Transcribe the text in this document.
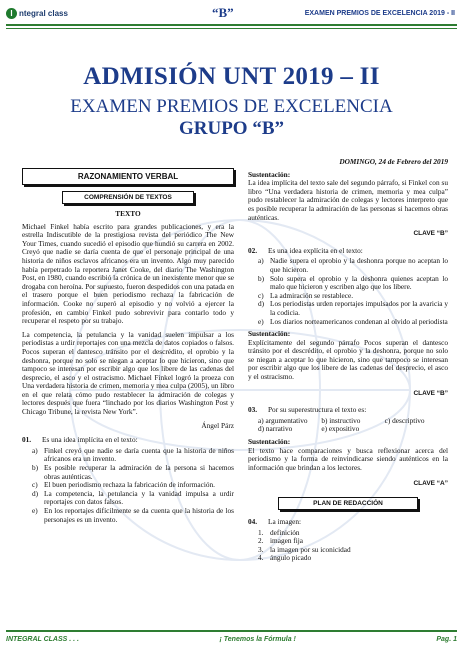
I ntegral class	“B”	EXAMEN PREMIOS DE EXCELENCIA 2019 - II
ADMISIÓN UNT 2019 – II
EXAMEN PREMIOS DE EXCELENCIA
GRUPO “B”
RAZONAMIENTO VERBAL
COMPRENSIÓN DE TEXTOS
TEXTO

Michael Finkel había escrito para grandes publicaciones, y era la estrella Indiscutible de la prestigiosa revista del periódico The New Your Times, cuando sucedió el episodio que hundió su carrera en 2002. Creyó que nadie se daría cuenta de que el personaje principal de una historia de niños esclavos africanos era un invento. Algo muy parecido había perpetrado la reportera Janet Cooke, del diario The Washington Post, en 1980, cuando escribió la crónica de un inexistente menor que se drogaba con heroína. Por supuesto, fueron despedidos con una patada en el trasero porque el buen periodismo rechaza la fabricación de información. Cooke no superó al episodio y no volvió a ejercer la profesión, en cambio Finkel pudo sobrevivir para contarlo todo y recuperar el respeto por su trabajo.

La competencia, la petulancia y la vanidad suelen impulsar a los periodistas a urdir reportajes con una mezcla de datos copiados o falsos. Pocos superan el dantesco tránsito por el descrédito, el oprobio y la deshonra, porque no solo se niegan a aceptar lo que hicieron, sino que tampoco se interesan por escribir algo que los libere de las cadenas del desprecio, el asco y el ostracismo. Michael Finkel logró la proeza con Una verdadera historia de crimen, memoria y mea culpa (2005), un libro en el que relata cómo pudo restablecer la admiración de colegas y lectores después que fuera “linchado por los diarios Washington Post y Chicago Tribune, la revista New York”.

Ángel Párz
01.	Es una idea implícita en el texto:
a) Finkel creyó que nadie se daría cuenta que la historia de niños africanos era un invento.
b) Es posible recuperar la admiración de la persona si hacemos obras auténticas.
c) El buen periodismo rechaza la fabricación de información.
d) La competencia, la petulancia y la vanidad impulsa a urdir reportajes con datos falsos.
e) En los reportajes difícilmente se da cuenta que la historia de los personajes es un invento.
DOMINGO, 24 de Febrero del 2019
Sustentación:

La idea implícita del texto sale del segundo párrafo, si Finkel con su libro “Una verdadera historia de crimen, memoria y mea culpa” pudo restablecer la admiración de colegas y lectores interpreto que es posible recuperar la admiración de las personas si hacemos obras auténticas.

CLAVE “B”
02.	Es una idea explícita en el texto:
a) Nadie supera el oprobio y la deshonra porque no aceptan lo que hicieron.
b) Solo supera el oprobio y la deshonra quienes aceptan lo malo que hicieron y escriben algo que los libere.
c) La admiración se restablece.
d) Los periodistas urden reportajes impulsados por la avaricia y la codicia.
e) Los diarios norteamericanos condenan al olvido al periodista
Sustentación:

Explícitamente del segundo párrafo Pocos superan el dantesco tránsito por el descrédito, el oprobio y la deshonra, porque no solo se niegan a aceptar lo que hicieron, sino que tampoco se interesan por escribir algo que los libere de las cadenas del desprecio, el asco y el ostracismo.

CLAVE “B”
03.	Por su superestructura el texto es:
a) argumentativo	b) instructivo	c) descriptivo
d) narrativo	e) expositivo
Sustentación:

El texto hace comparaciones y busca reflexionar acerca del periodismo y la forma de reinvindicarse siendo auténticos en la información que brindan a los lectores.

CLAVE “A”
PLAN DE REDACCIÓN
04.	La imagen:
1. definición
2. imagen fija
3. la imagen por su iconicidad
4. ángulo picado
INTEGRAL CLASS . . .	¡ Tenemos la Fórmula !	Pag. 1
